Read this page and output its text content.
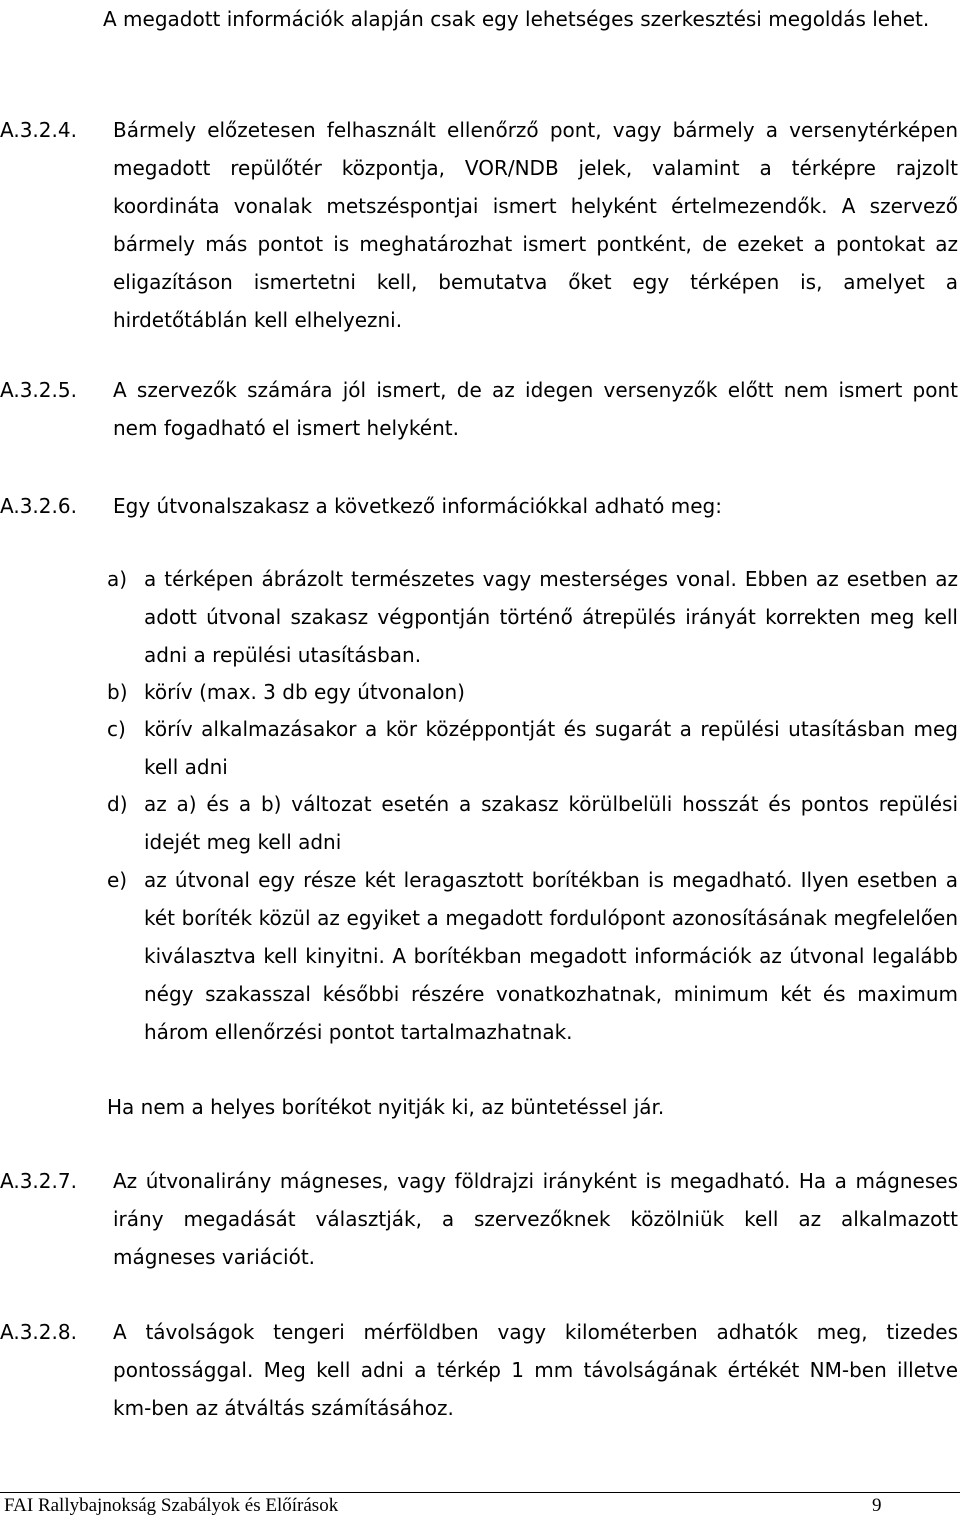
A megadott információk alapján csak egy lehetséges szerkesztési megoldás lehet.
A.3.2.4.	Bármely előzetesen felhasznált ellenőrző pont, vagy bármely a versenytérképen megadott repülőtér központja, VOR/NDB jelek, valamint a térképre rajzolt koordináta vonalak metszéspontjai ismert helyként értelmezendők. A szervező bármely más pontot is meghatározhat ismert pontként, de ezeket a pontokat az eligazításon ismertetni kell, bemutatva őket egy térképen is, amelyet a hirdetőtáblán kell elhelyezni.
A.3.2.5.	A szervezők számára jól ismert, de az idegen versenyzők előtt nem ismert pont nem fogadható el ismert helyként.
A.3.2.6.	Egy útvonalszakasz a következő információkkal adható meg:
a) a térképen ábrázolt természetes vagy mesterséges vonal. Ebben az esetben az adott útvonal szakasz végpontján történő átrepülés irányát korrekten meg kell adni a repülési utasításban.
b) körív (max. 3 db egy útvonalon)
c) körív alkalmazásakor a kör középpontját és sugarát a repülési utasításban meg kell adni
d) az a) és a b) változat esetén a szakasz körülbelüli hosszát és pontos repülési idejét meg kell adni
e) az útvonal egy része két leragasztott borítékban is megadható. Ilyen esetben a két boríték közül az egyiket a megadott fordulópont azonosításának megfelelően kiválasztva kell kinyitni. A borítékban megadott információk az útvonal legalább négy szakasszal későbbi részére vonatkozhatnak, minimum két és maximum három ellenőrzési pontot tartalmazhatnak.
Ha nem a helyes borítékot nyitják ki, az büntetéssel jár.
A.3.2.7.	Az útvonalirány mágneses, vagy földrajzi irányként is megadható. Ha a mágneses irány megadását választják, a szervezőknek közölniük kell az alkalmazott mágneses variációt.
A.3.2.8.	A távolságok tengeri mérföldben vagy kilométerben adhatók meg, tizedes pontossággal. Meg kell adni a térkép 1 mm távolságának értékét NM-ben illetve km-ben az átváltás számításához.
FAI Rallybajnokság Szabályok és Előírások	9
